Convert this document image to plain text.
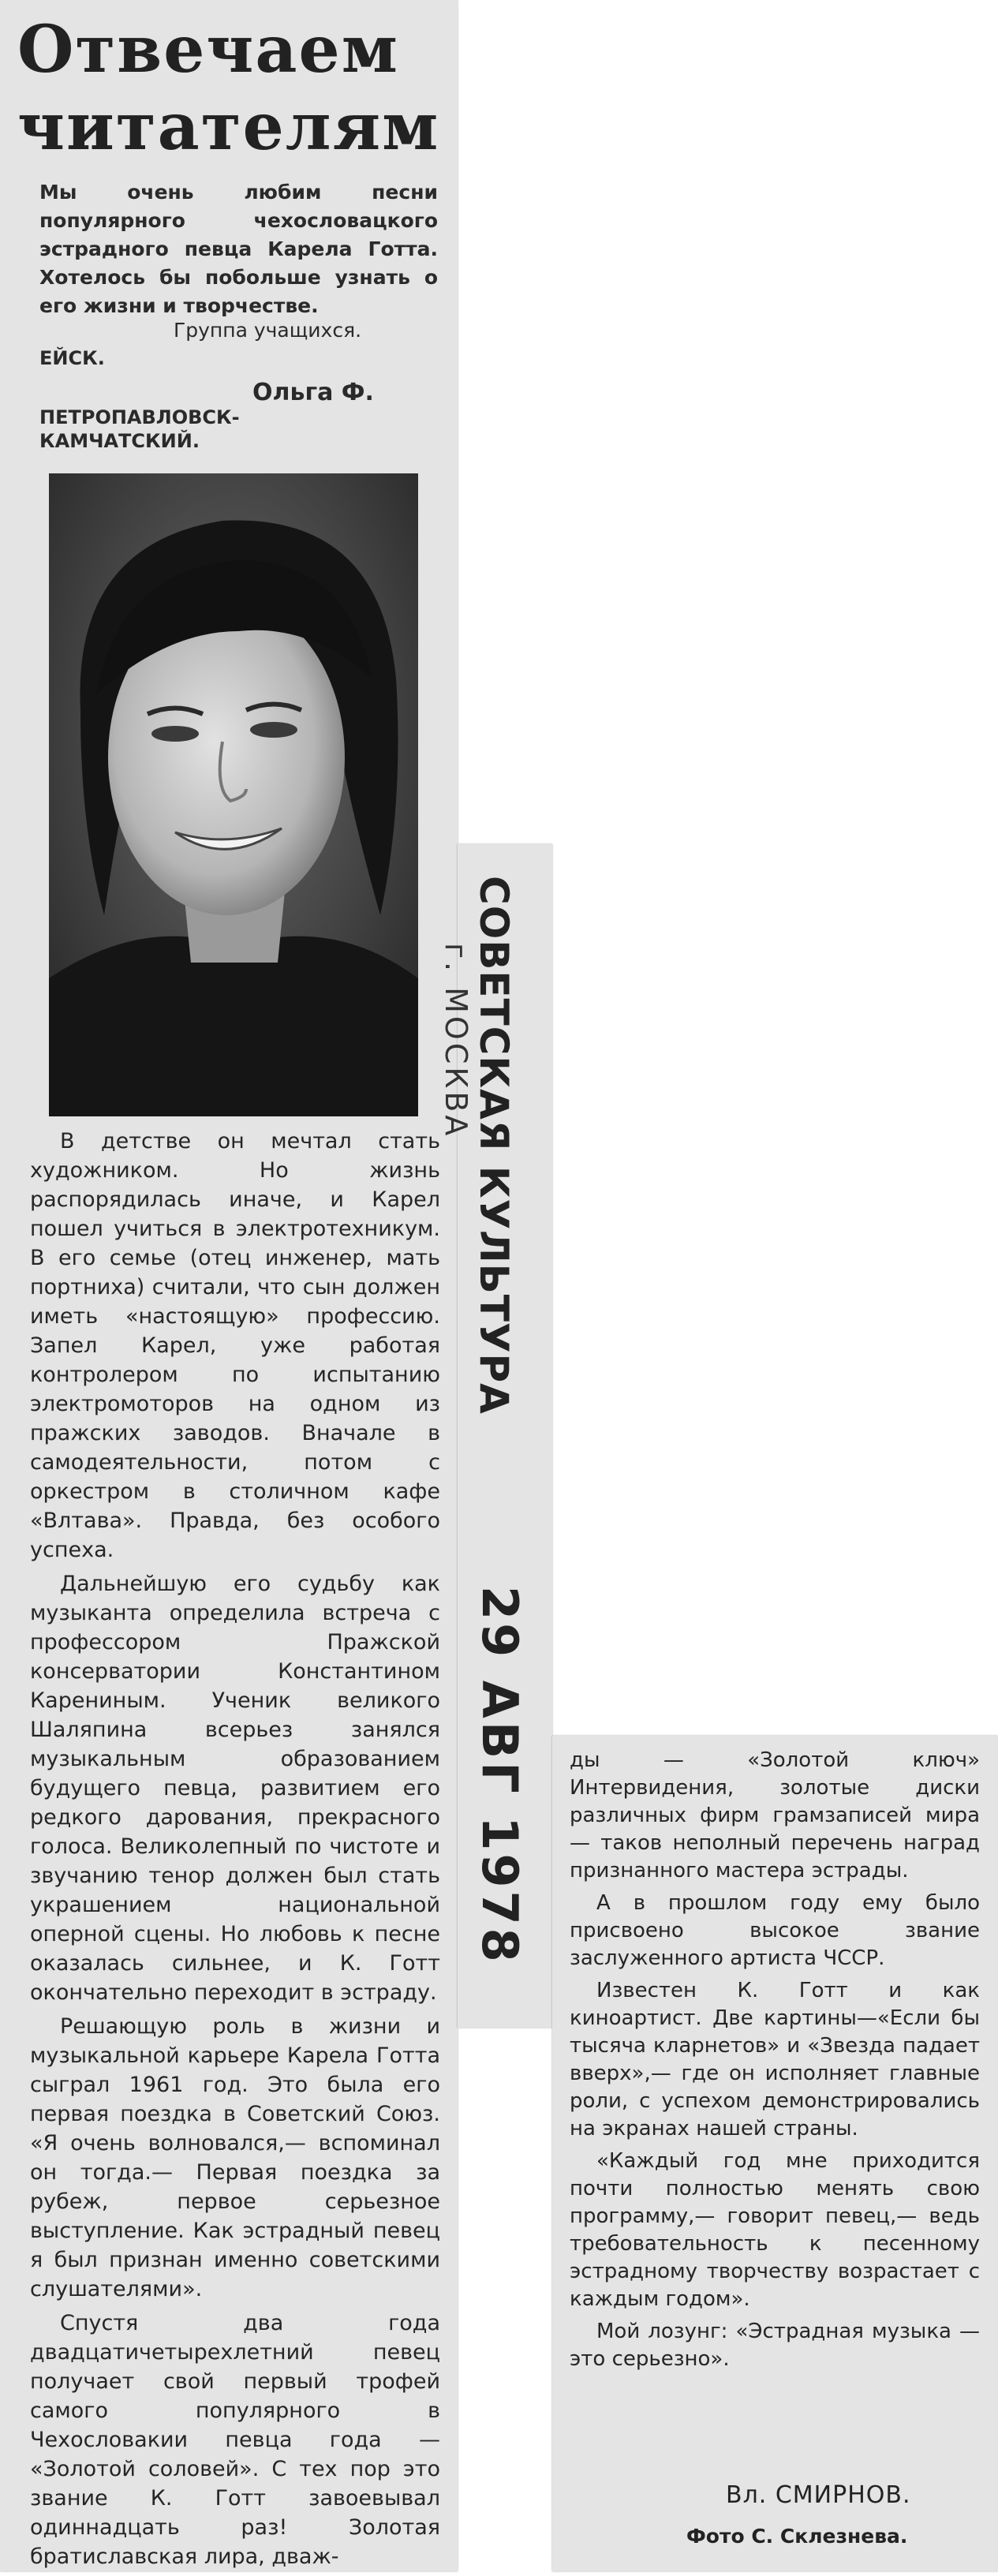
Отвечаем
читателям
Мы очень любим песни популярного чехословацкого эстрадного певца Карела Готта. Хотелось бы побольше узнать о его жизни и творчестве.
Группа учащихся.
ЕЙСК.
Ольга Ф.
ПЕТРОПАВЛОВСК-КАМЧАТСКИЙ.

В детстве он мечтал стать художником. Но жизнь распорядилась иначе, и Карел пошел учиться в электротехникум. В его семье (отец инженер, мать портниха) считали, что сын должен иметь «настоящую» профессию. Запел Карел, уже работая контролером по испытанию электромоторов на одном из пражских заводов. Вначале в самодеятельности, потом с оркестром в столичном кафе «Влтава». Правда, без особого успеха.

Дальнейшую его судьбу как музыканта определила встреча с профессором Пражской консерватории Константином Карениным. Ученик великого Шаляпина всерьез занялся музыкальным образованием будущего певца, развитием его редкого дарования, прекрасного голоса. Великолепный по чистоте и звучанию тенор должен был стать украшением национальной оперной сцены. Но любовь к песне оказалась сильнее, и К. Готт окончательно переходит в эстраду.

Решающую роль в жизни и музыкальной карьере Карела Готта сыграл 1961 год. Это была его первая поездка в Советский Союз. «Я очень волновался,— вспоминал он тогда.— Первая поездка за рубеж, первое серьезное выступление. Как эстрадный певец я был признан именно советскими слушателями».

Спустя два года двадцатичетырехлетний певец получает свой первый трофей самого популярного в Чехословакии певца года — «Золотой соловей». С тех пор это звание К. Готт завоевывал одиннадцать раз! Золотая братиславская лира, дваж-

СОВЕТСКАЯ КУЛЬТУРА
г. МОСКВА
29 АВГ 1978 ды — «Золотой ключ» Интервидения, золотые диски различных фирм грамзаписей мира — таков неполный перечень наград признанного мастера эстрады.

А в прошлом году ему было присвоено высокое звание заслуженного артиста ЧССР.

Известен К. Готт и как киноартист. Две картины—«Если бы тысяча кларнетов» и «Звезда падает вверх»,— где он исполняет главные роли, с успехом демонстрировались на экранах нашей страны.

«Каждый год мне приходится почти полностью менять свою программу,— говорит певец,— ведь требовательность к песенному эстрадному творчеству возрастает с каждым годом».

Мой лозунг: «Эстрадная музыка — это серьезно».

Вл. СМИРНОВ.
Фото С. Склезнева.
